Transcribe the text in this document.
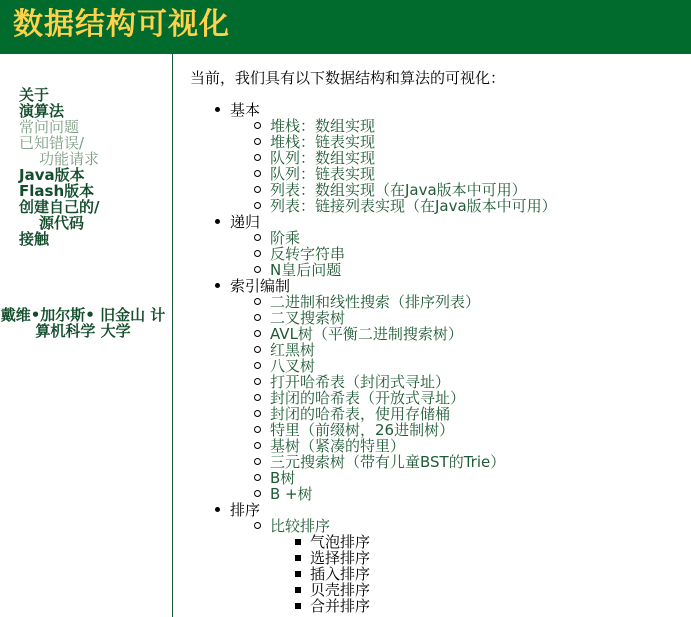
数据结构可视化
关于
演算法
常问问题
已知错误/
功能请求
Java版本
Flash版本
创建自己的/
源代码
接触
戴维•加尔斯• 旧金山 计算机科学 大学

当前，我们具有以下数据结构和算法的可视化：

基本
堆栈：数组实现
堆栈：链表实现
队列：数组实现
队列：链表实现
列表：数组实现（在Java版本中可用）
列表：链接列表实现（在Java版本中可用）
递归
阶乘
反转字符串
N皇后问题
索引编制
二进制和线性搜索（排序列表）
二叉搜索树
AVL树（平衡二进制搜索树）
红黑树
八叉树
打开哈希表（封闭式寻址）
封闭的哈希表（开放式寻址）
封闭的哈希表，使用存储桶
特里（前缀树，26进制树）
基树（紧凑的特里）
三元搜索树（带有儿童BST的Trie）
B树
B +树
排序
比较排序
气泡排序
选择排序
插入排序
贝壳排序
合并排序
